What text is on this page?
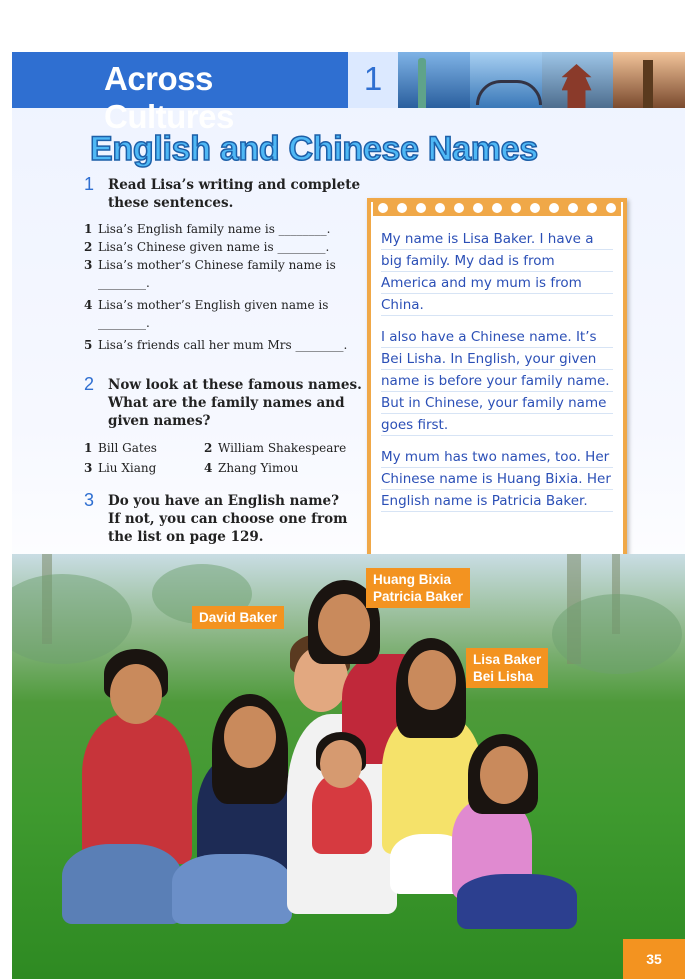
Across Cultures
1
English and Chinese Names
1	Read Lisa’s writing and complete
these sentences.
1 Lisa’s English family name is ________.
2 Lisa’s Chinese given name is ________.
3 Lisa’s mother’s Chinese family name is
________.
4 Lisa’s mother’s English given name is
________.
5 Lisa’s friends call her mum Mrs ________.
2	Now look at these famous names.
What are the family names and
given names?
1 Bill Gates	2 William Shakespeare
3 Liu Xiang	4 Zhang Yimou
3	Do you have an English name?
If not, you can choose one from
the list on page 129.

My name is Lisa Baker. I have a big family. My dad is from America and my mum is from China.

I also have a Chinese name. It’s Bei Lisha. In English, your given name is before your family name. But in Chinese, your family name goes first.

My mum has two names, too. Her Chinese name is Huang Bixia. Her English name is Patricia Baker.

David Baker
Huang Bixia
Patricia Baker
Lisa Baker
Bei Lisha
35
